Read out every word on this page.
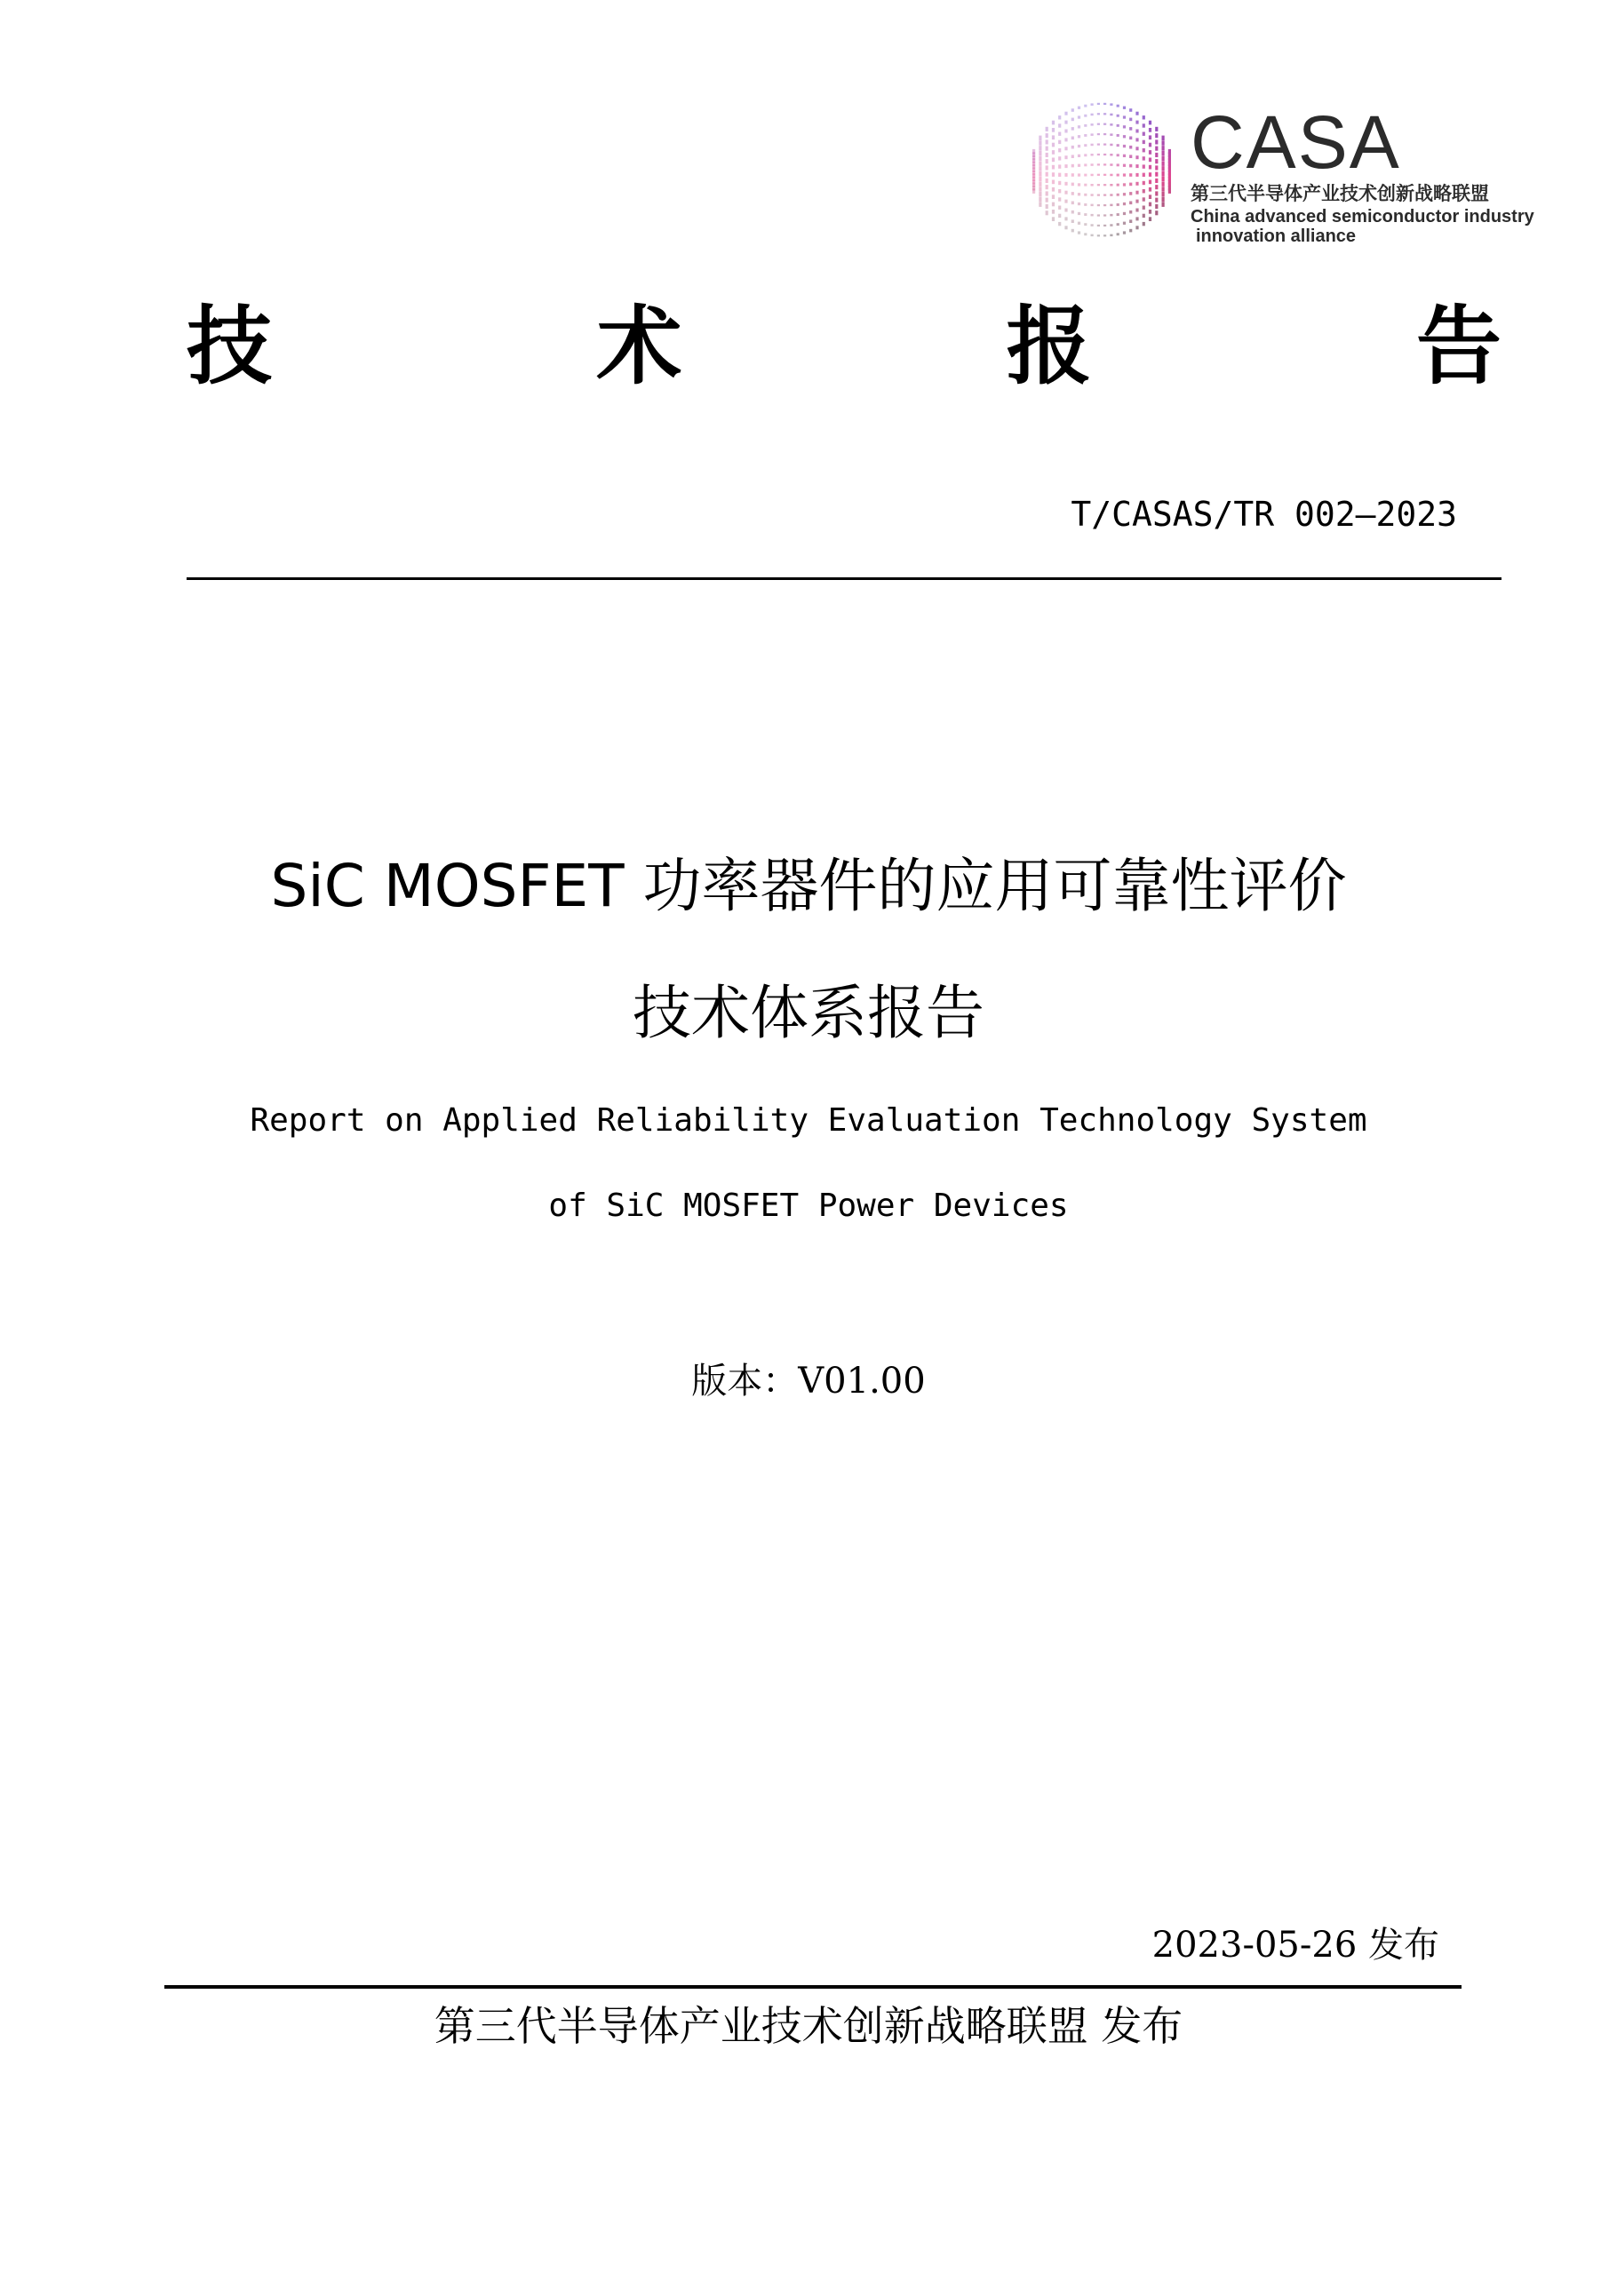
CASA
第三代半导体产业技术创新战略联盟
China advanced semiconductor industry
innovation alliance
技	术	报	告
T/CASAS/TR 002—2023
SiC MOSFET 功率器件的应用可靠性评价
技术体系报告
Report on Applied Reliability Evaluation Technology System
of SiC MOSFET Power Devices
版本：V01.00
2023-05-26 发布
第三代半导体产业技术创新战略联盟 发布
